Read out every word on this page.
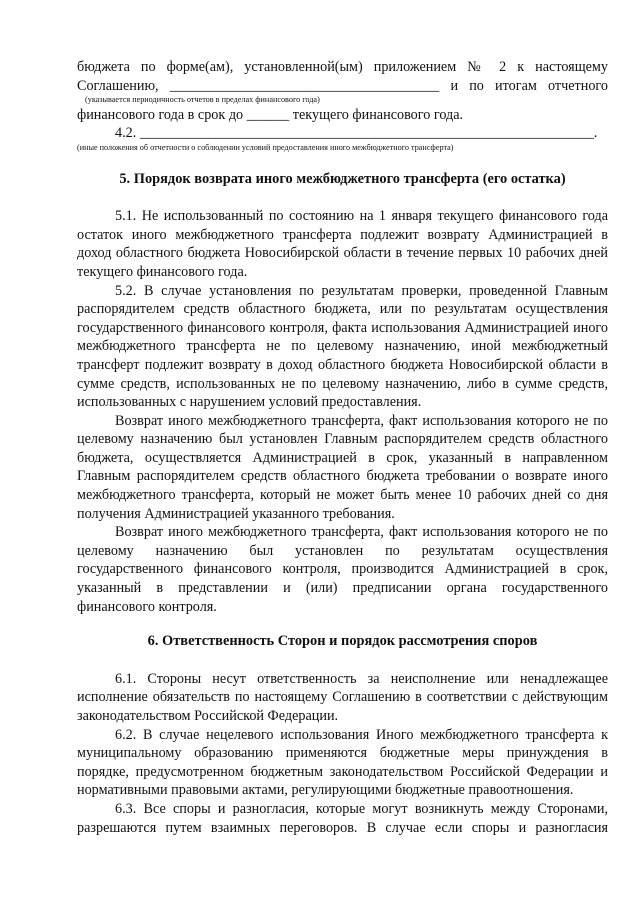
бюджета по форме(ам), установленной(ым) приложением № 2 к настоящему

Соглашению, ______________________________________ и по итогам отчетного

(указывается периодичность отчетов в пределах финансового года)

финансового года в срок до ______ текущего финансового года.

4.2. ________________________________________________________________.

(иные положения об отчетности о соблюдении условий предоставления иного межбюджетного трансферта)

5. Порядок возврата иного межбюджетного трансферта (его остатка)

5.1. Не использованный по состоянию на 1 января текущего финансового года остаток иного межбюджетного трансферта подлежит возврату Администрацией в доход областного бюджета Новосибирской области в течение первых 10 рабочих дней текущего финансового года.

5.2. В случае установления по результатам проверки, проведенной Главным распорядителем средств областного бюджета, или по результатам осуществления государственного финансового контроля, факта использования Администрацией иного межбюджетного трансферта не по целевому назначению, иной межбюджетный трансферт подлежит возврату в доход областного бюджета Новосибирской области в сумме средств, использованных не по целевому назначению, либо в сумме средств, использованных с нарушением условий предоставления.

Возврат иного межбюджетного трансферта, факт использования которого не по целевому назначению был установлен Главным распорядителем средств областного бюджета, осуществляется Администрацией в срок, указанный в направленном Главным распорядителем средств областного бюджета требовании о возврате иного межбюджетного трансферта, который не может быть менее 10 рабочих дней со дня получения Администрацией указанного требования.

Возврат иного межбюджетного трансферта, факт использования которого не по целевому назначению был установлен по результатам осуществления государственного финансового контроля, производится Администрацией в срок, указанный в представлении и (или) предписании органа государственного финансового контроля.

6. Ответственность Сторон и порядок рассмотрения споров

6.1. Стороны несут ответственность за неисполнение или ненадлежащее исполнение обязательств по настоящему Соглашению в соответствии с действующим законодательством Российской Федерации.

6.2. В случае нецелевого использования Иного межбюджетного трансферта к муниципальному образованию применяются бюджетные меры принуждения в порядке, предусмотренном бюджетным законодательством Российской Федерации и нормативными правовыми актами, регулирующими бюджетные правоотношения.

6.3. Все споры и разногласия, которые могут возникнуть между Сторонами, разрешаются путем взаимных переговоров. В случае если споры и разногласия
